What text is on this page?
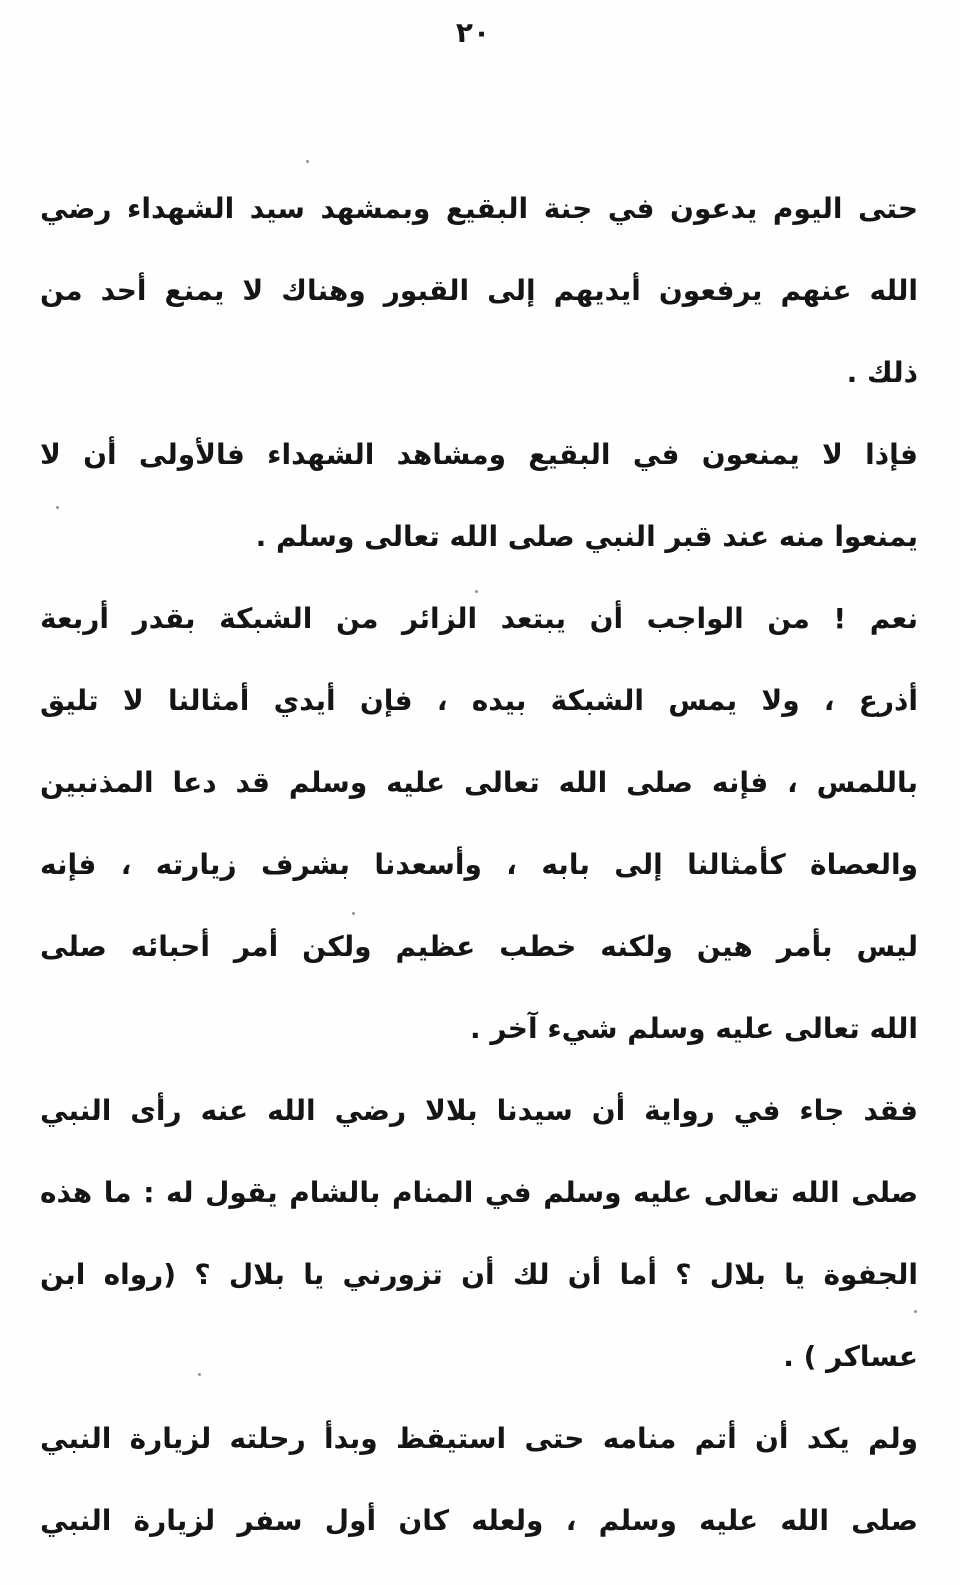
٢٠
حتى اليوم يدعون في جنة البقيع وبمشهد سيد الشهداء رضي
الله عنهم يرفعون أيديهم إلى القبور وهناك لا يمنع أحد من
ذلك .
فإذا لا يمنعون في البقيع ومشاهد الشهداء فالأولى أن لا
يمنعوا منه عند قبر النبي صلى الله تعالى وسلم .
نعم ! من الواجب أن يبتعد الزائر من الشبكة بقدر أربعة
أذرع ، ولا يمس الشبكة بيده ، فإن أيدي أمثالنا لا تليق
باللمس ، فإنه صلى الله تعالى عليه وسلم قد دعا المذنبين
والعصاة كأمثالنا إلى بابه ، وأسعدنا بشرف زيارته ، فإنه
ليس بأمر هين ولكنه خطب عظيم ولكن أمر أحبائه صلى
الله تعالى عليه وسلم شيء آخر .
فقد جاء في رواية أن سيدنا بلالا رضي الله عنه رأى النبي
صلى الله تعالى عليه وسلم في المنام بالشام يقول له : ما هذه
الجفوة يا بلال ؟ أما أن لك أن تزورني يا بلال ؟ (رواه ابن
عساكر ) .
ولم يكد أن أتم منامه حتى استيقظ وبدأ رحلته لزيارة النبي
صلى الله عليه وسلم ، ولعله كان أول سفر لزيارة النبي
